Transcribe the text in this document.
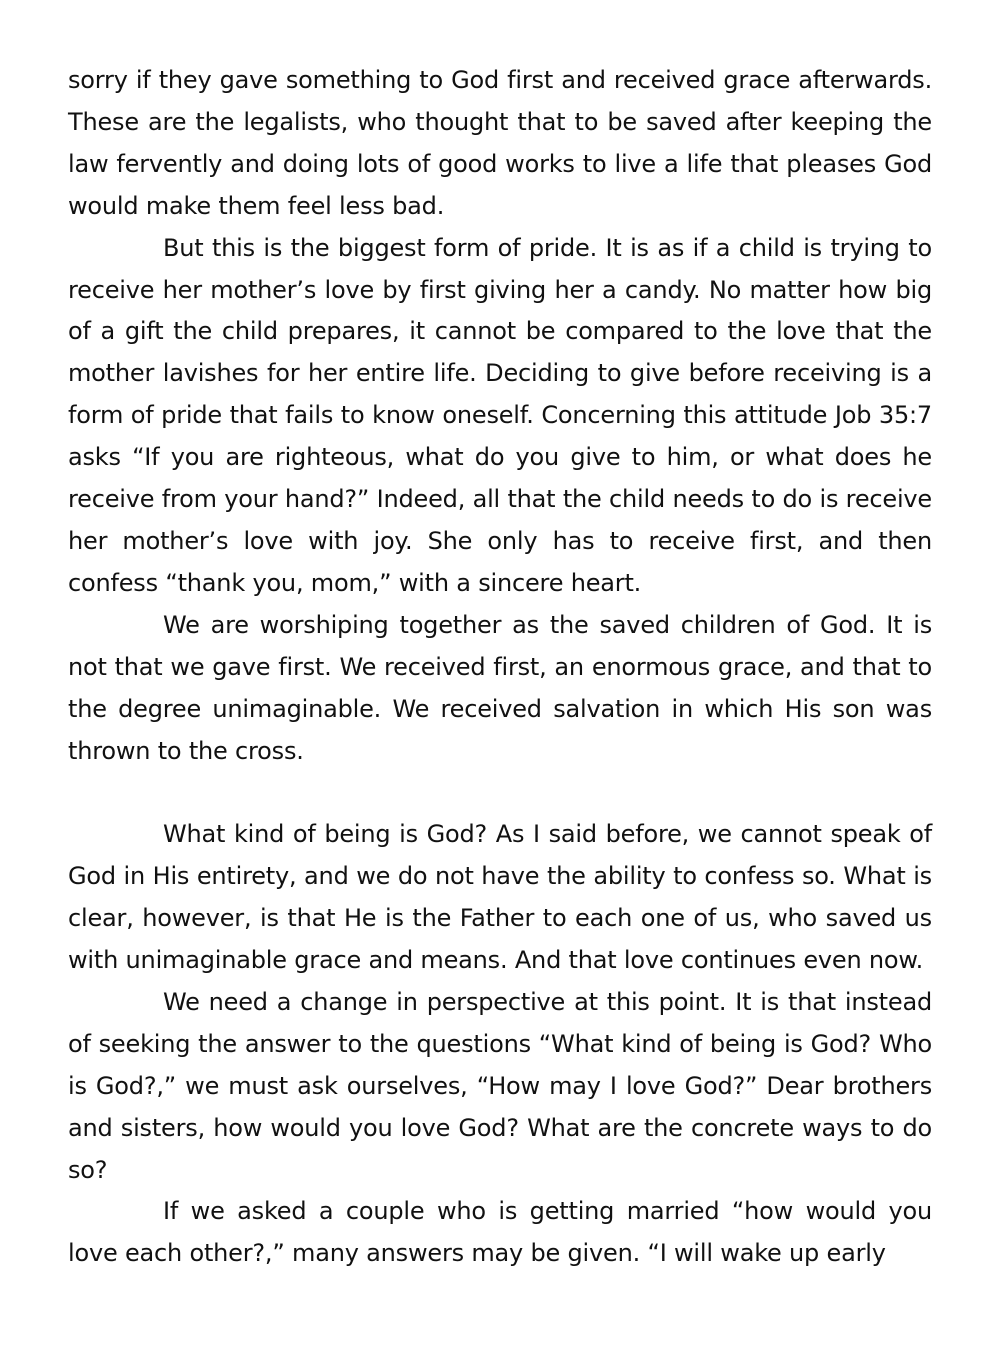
sorry if they gave something to God first and received grace afterwards. These are the legalists, who thought that to be saved after keeping the law fervently and doing lots of good works to live a life that pleases God would make them feel less bad.

But this is the biggest form of pride. It is as if a child is trying to receive her mother’s love by first giving her a candy. No matter how big of a gift the child prepares, it cannot be compared to the love that the mother lavishes for her entire life. Deciding to give before receiving is a form of pride that fails to know oneself. Concerning this attitude Job 35:7 asks “If you are righteous, what do you give to him, or what does he receive from your hand?” Indeed, all that the child needs to do is receive her mother’s love with joy. She only has to receive first, and then confess “thank you, mom,” with a sincere heart.

We are worshiping together as the saved children of God. It is not that we gave first. We received first, an enormous grace, and that to the degree unimaginable. We received salvation in which His son was thrown to the cross.

What kind of being is God? As I said before, we cannot speak of God in His entirety, and we do not have the ability to confess so. What is clear, however, is that He is the Father to each one of us, who saved us with unimaginable grace and means. And that love continues even now.

We need a change in perspective at this point. It is that instead of seeking the answer to the questions “What kind of being is God? Who is God?,” we must ask ourselves, “How may I love God?” Dear brothers and sisters, how would you love God? What are the concrete ways to do so?

If we asked a couple who is getting married “how would you love each other?,” many answers may be given. “I will wake up early
